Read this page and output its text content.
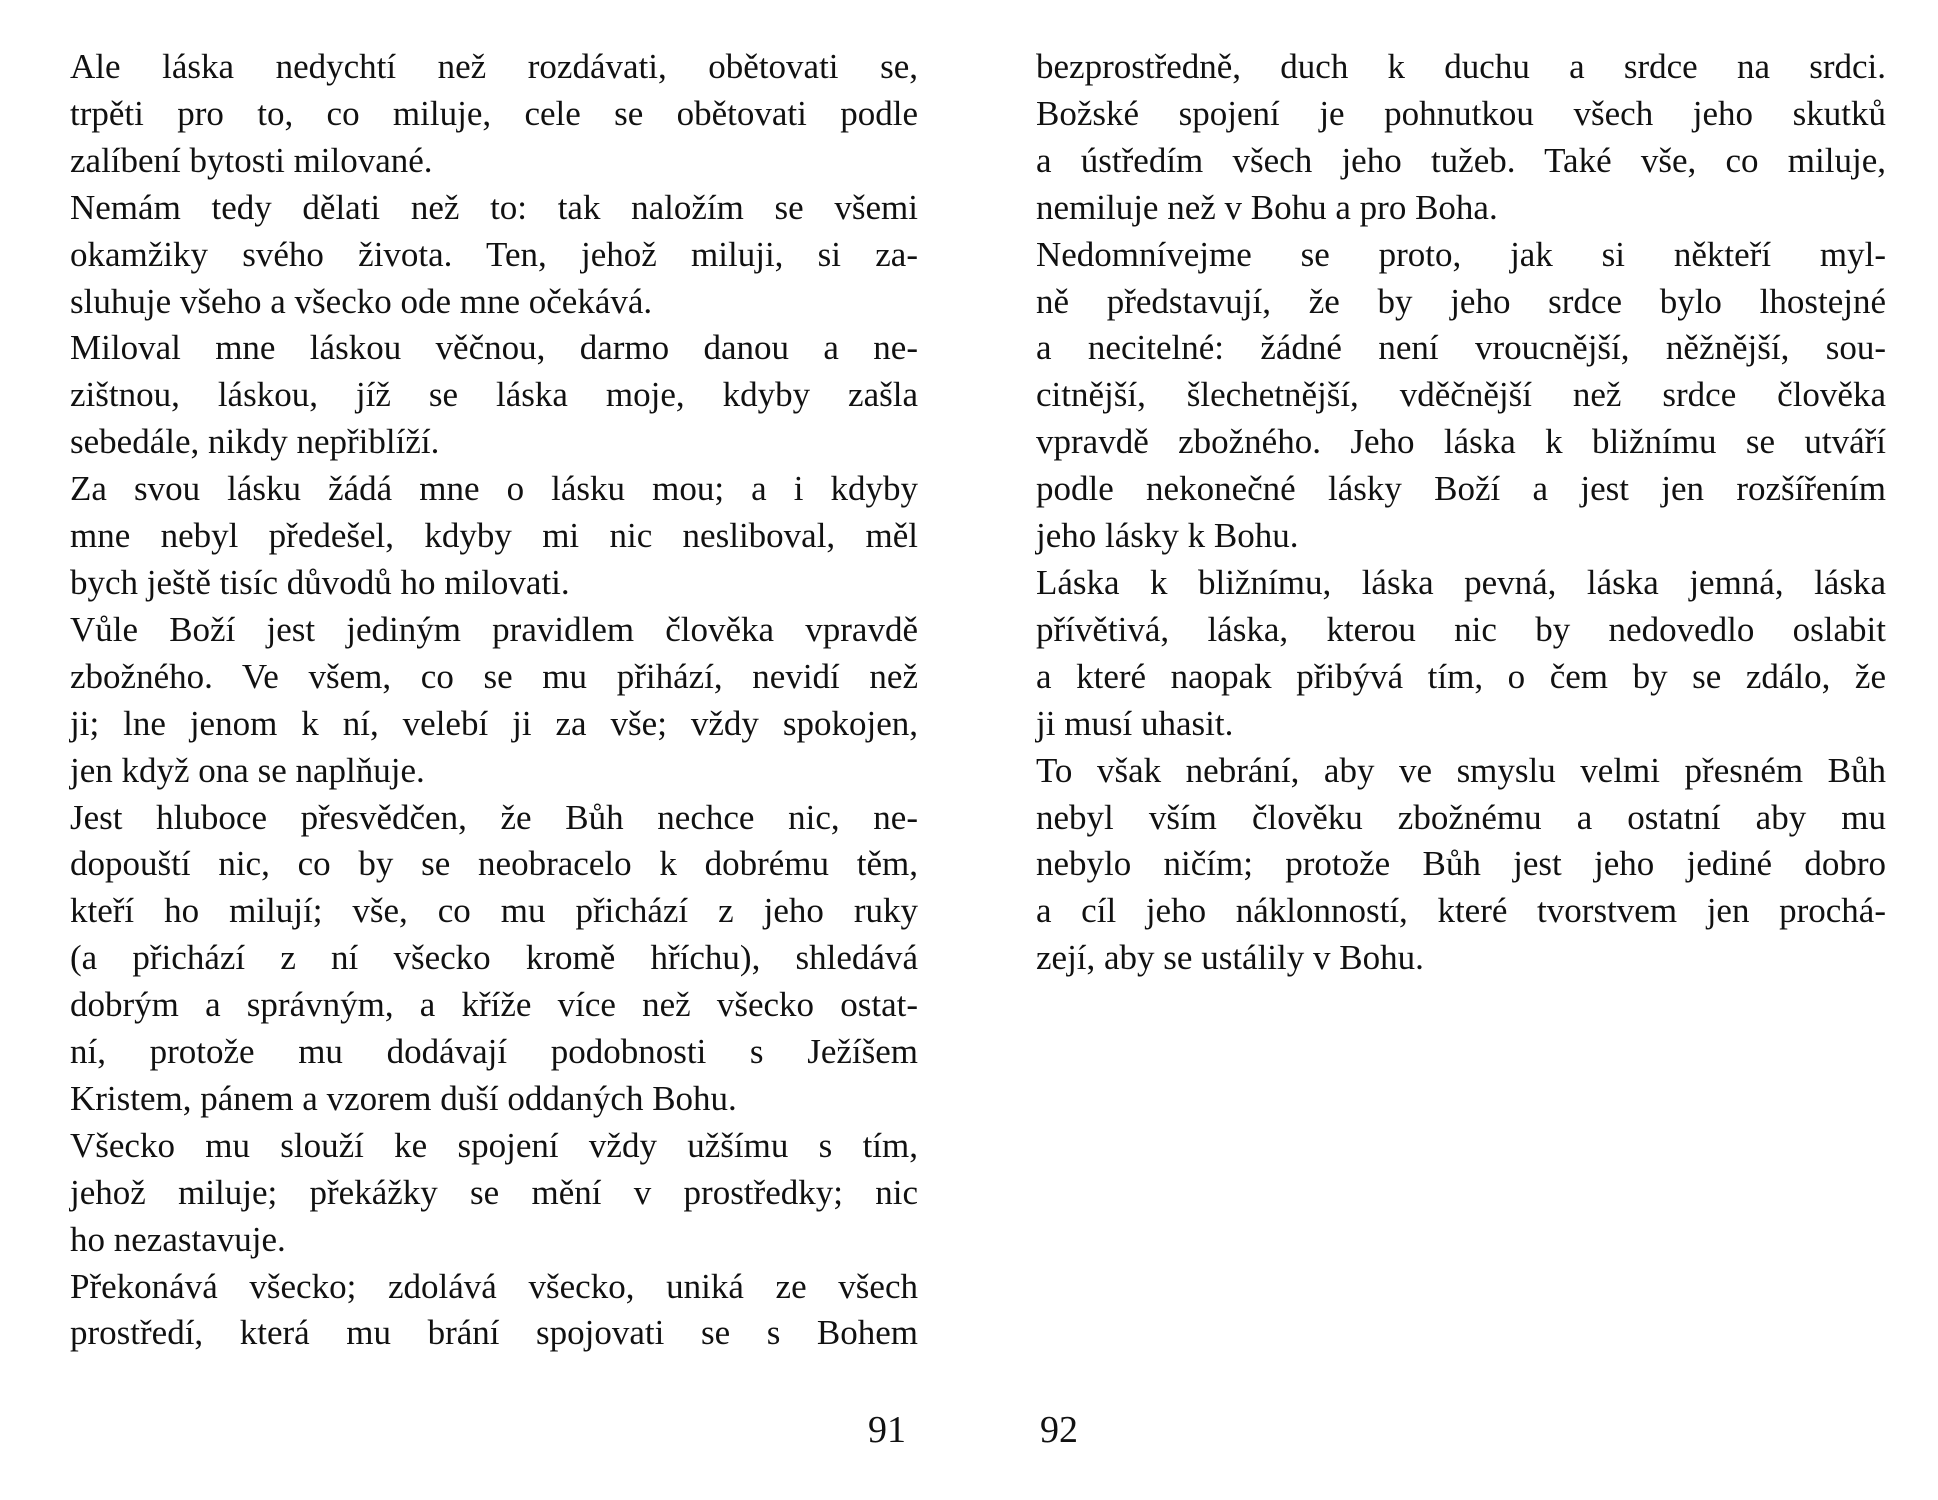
Ale láska nedychtí než rozdávati, obětovati se,
trpěti pro to, co miluje, cele se obětovati podle
zalíbení bytosti milované.

Nemám tedy dělati než to: tak naložím se všemi
okamžiky svého života. Ten, jehož miluji, si za-
sluhuje všeho a všecko ode mne očekává.

Miloval mne láskou věčnou, darmo danou a ne-
zištnou, láskou, jíž se láska moje, kdyby zašla
sebedále, nikdy nepřiblíží.

Za svou lásku žádá mne o lásku mou; a i kdyby
mne nebyl předešel, kdyby mi nic nesliboval, měl
bych ještě tisíc důvodů ho milovati.

Vůle Boží jest jediným pravidlem člověka vpravdě
zbožného. Ve všem, co se mu přihází, nevidí než
ji; lne jenom k ní, velebí ji za vše; vždy spokojen,
jen když ona se naplňuje.

Jest hluboce přesvědčen, že Bůh nechce nic, ne-
dopouští nic, co by se neobracelo k dobrému těm,
kteří ho milují; vše, co mu přichází z jeho ruky
(a přichází z ní všecko kromě hříchu), shledává
dobrým a správným, a kříže více než všecko ostat-
ní, protože mu dodávají podobnosti s Ježíšem
Kristem, pánem a vzorem duší oddaných Bohu.

Všecko mu slouží ke spojení vždy užšímu s tím,
jehož miluje; překážky se mění v prostředky; nic
ho nezastavuje.

Překonává všecko; zdolává všecko, uniká ze všech
prostředí, která mu brání spojovati se s Bohem

bezprostředně, duch k duchu a srdce na srdci.
Božské spojení je pohnutkou všech jeho skutků
a ústředím všech jeho tužeb. Také vše, co miluje,
nemiluje než v Bohu a pro Boha.

Nedomnívejme se proto, jak si někteří myl-
ně představují, že by jeho srdce bylo lhostejné
a necitelné: žádné není vroucnější, něžnější, sou-
citnější, šlechetnější, vděčnější než srdce člověka
vpravdě zbožného. Jeho láska k bližnímu se utváří
podle nekonečné lásky Boží a jest jen rozšířením
jeho lásky k Bohu.

Láska k bližnímu, láska pevná, láska jemná, láska
přívětivá, láska, kterou nic by nedovedlo oslabit
a které naopak přibývá tím, o čem by se zdálo, že
ji musí uhasit.

To však nebrání, aby ve smyslu velmi přesném Bůh
nebyl vším člověku zbožnému a ostatní aby mu
nebylo ničím; protože Bůh jest jeho jediné dobro
a cíl jeho náklonností, které tvorstvem jen prochá-
zejí, aby se ustálily v Bohu.

91	92
